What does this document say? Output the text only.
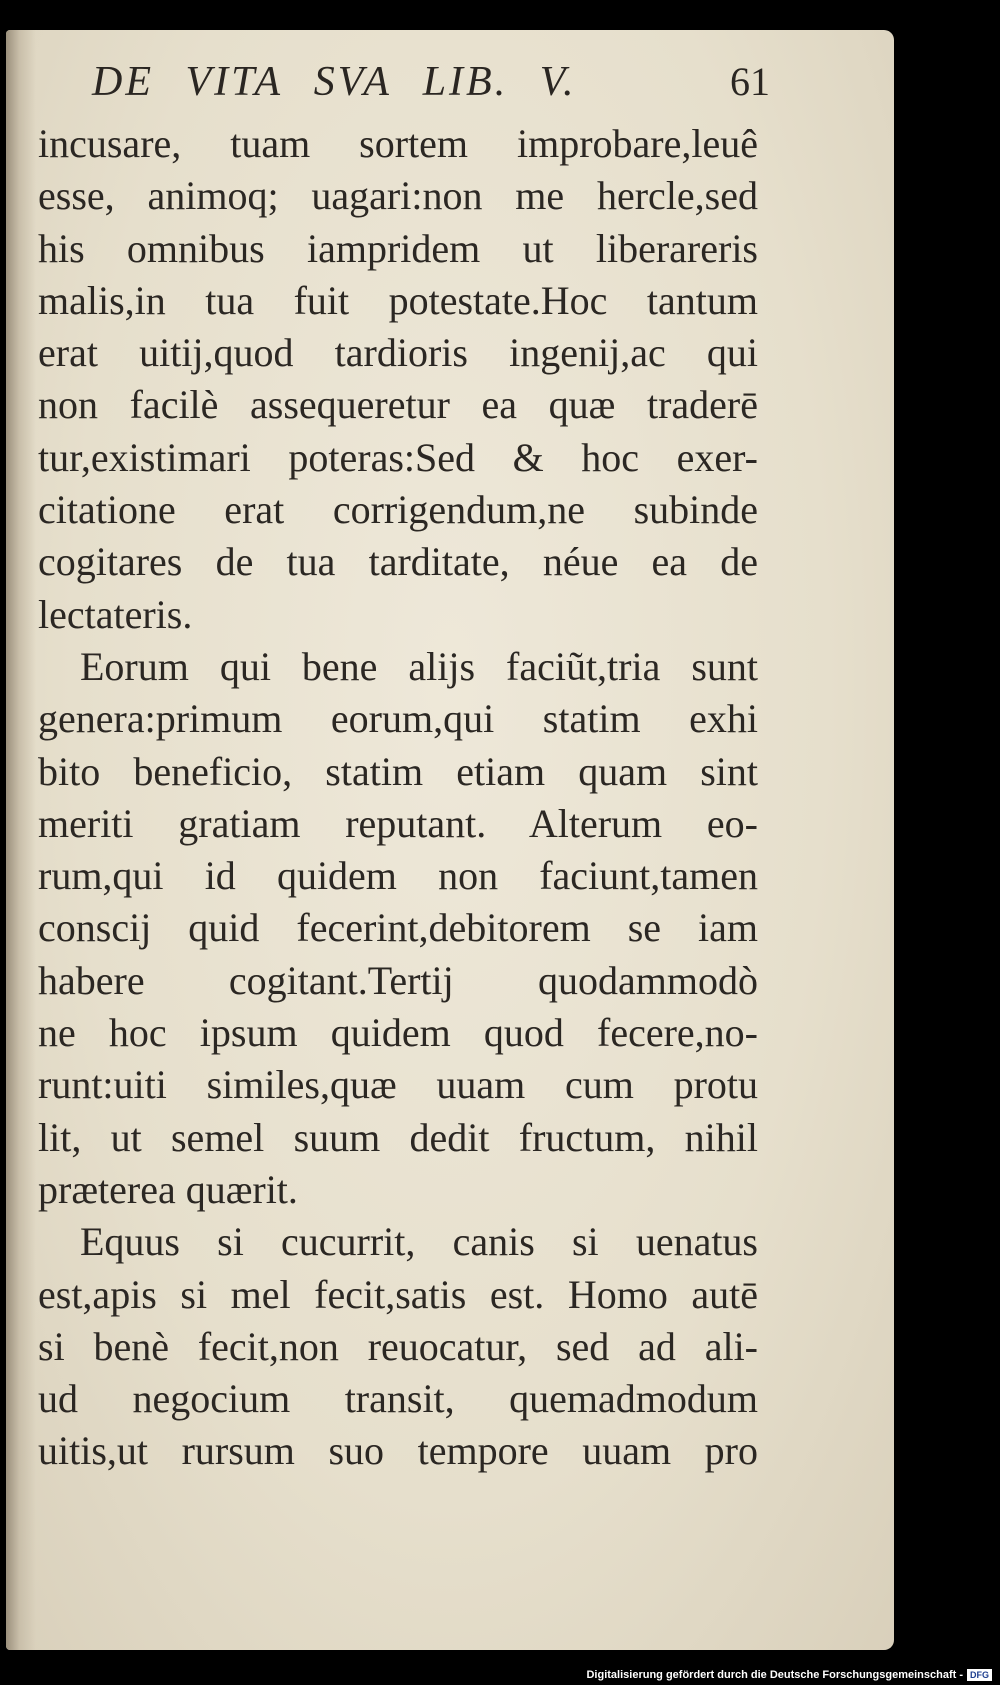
DE VITA SVA LIB. V.	61
incusare, tuam sortem improbare,leuê
esse, animoq; uagari:non me hercle,sed
his omnibus iampridem ut liberareris
malis,in tua fuit potestate.Hoc tantum
erat uitij,quod tardioris ingenij,ac qui
non facilè assequeretur ea quæ traderē
tur,existimari poteras:Sed & hoc exer-
citatione erat corrigendum,ne subinde
cogitares de tua tarditate, néue ea de
lectateris.
Eorum qui bene alijs faciũt,tria sunt
genera:primum eorum,qui statim exhi
bito beneficio, statim etiam quam sint
meriti gratiam reputant. Alterum eo-
rum,qui id quidem non faciunt,tamen
conscij quid fecerint,debitorem se iam
habere cogitant.Tertij quodammodò
ne hoc ipsum quidem quod fecere,no-
runt:uiti similes,quæ uuam cum protu
lit, ut semel suum dedit fructum, nihil
præterea quærit.
Equus si cucurrit, canis si uenatus
est,apis si mel fecit,satis est. Homo autē
si benè fecit,non reuocatur, sed ad ali-
ud negocium transit, quemadmodum
uitis,ut rursum suo tempore uuam pro
Digitalisierung gefördert durch die Deutsche Forschungsgemeinschaft - DFG
